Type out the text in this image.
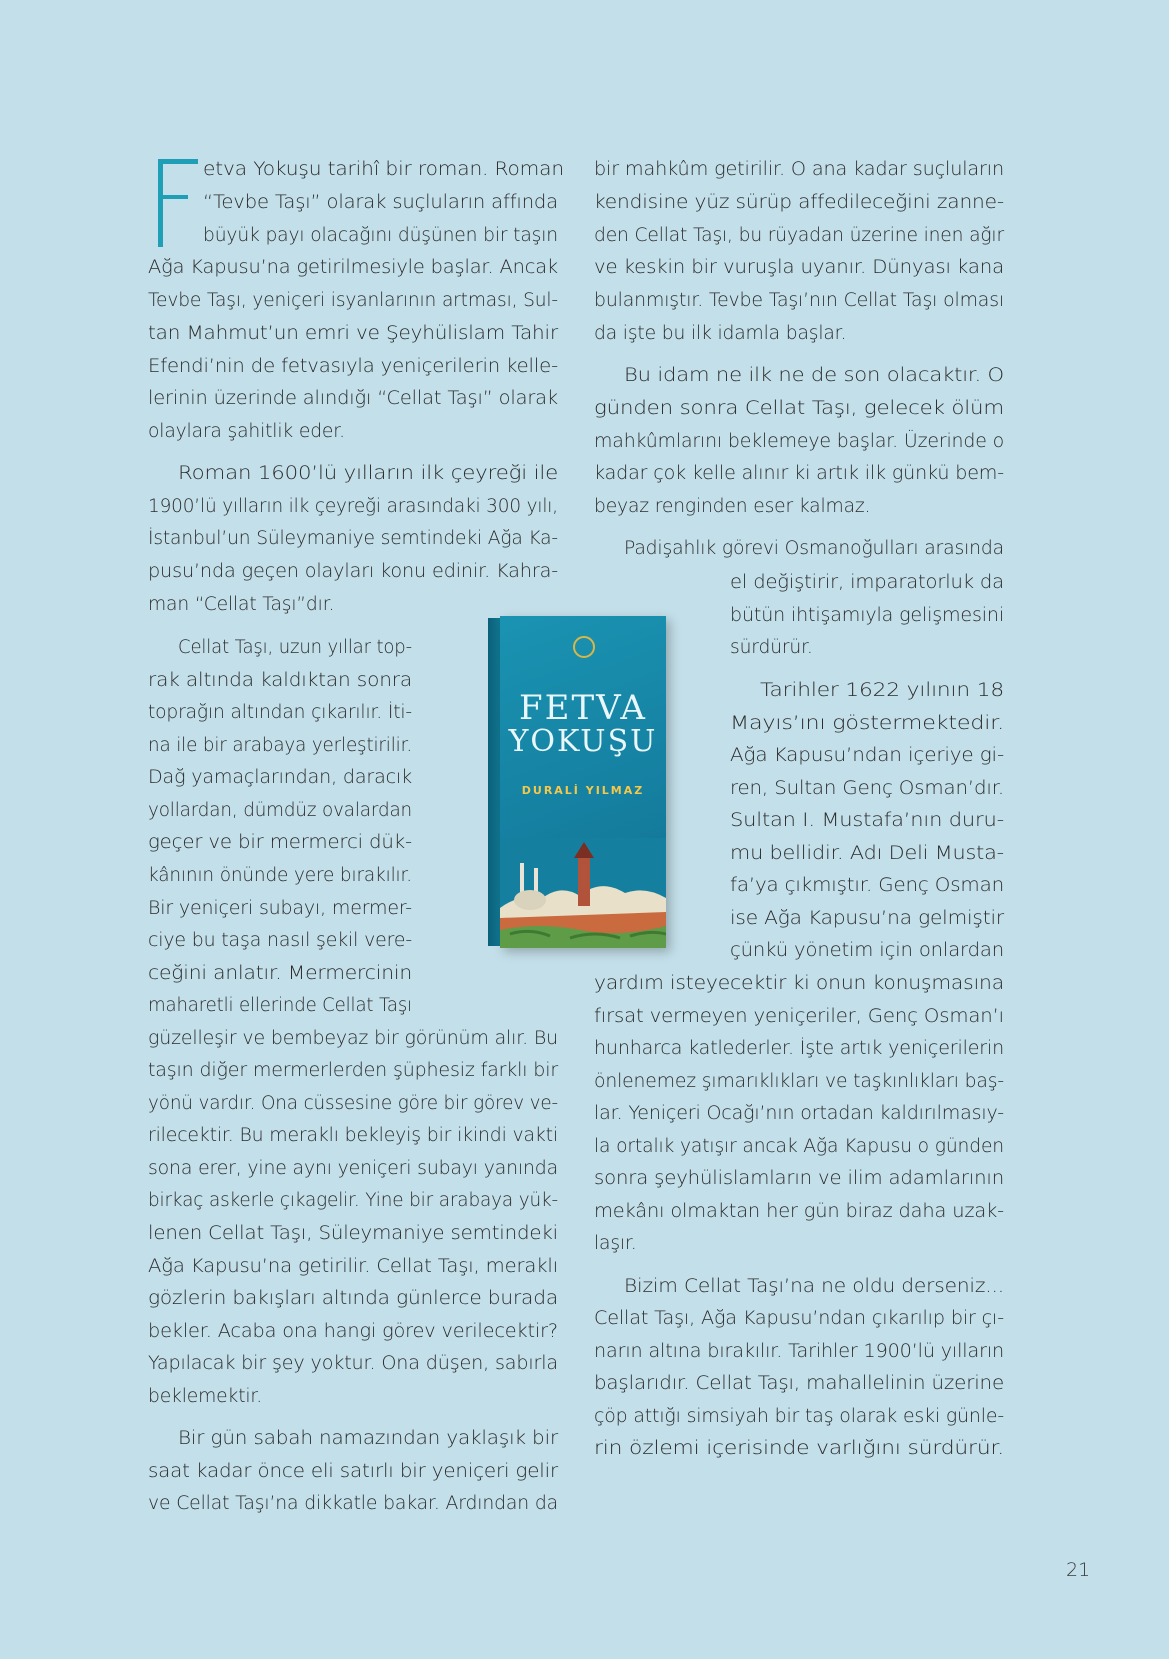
etva Yokuşu tarihî bir roman. Roman
“Tevbe Taşı” olarak suçluların affında
büyük payı olacağını düşünen bir taşın
Ağa Kapusu’na getirilmesiyle başlar. Ancak
Tevbe Taşı, yeniçeri isyanlarının artması, Sul-
tan Mahmut’un emri ve Şeyhülislam Tahir
Efendi’nin de fetvasıyla yeniçerilerin kelle-
lerinin üzerinde alındığı “Cellat Taşı” olarak
olaylara şahitlik eder.
Roman 1600’lü yılların ilk çeyreği ile
1900’lü yılların ilk çeyreği arasındaki 300 yılı,
İstanbul’un Süleymaniye semtindeki Ağa Ka-
pusu’nda geçen olayları konu edinir. Kahra-
man “Cellat Taşı”dır.
Cellat Taşı, uzun yıllar top-
rak altında kaldıktan sonra
toprağın altından çıkarılır. İti-
na ile bir arabaya yerleştirilir.
Dağ yamaçlarından, daracık
yollardan, dümdüz ovalardan
geçer ve bir mermerci dük-
kânının önünde yere bırakılır.
Bir yeniçeri subayı, mermer-
ciye bu taşa nasıl şekil vere-
ceğini anlatır. Mermercinin
maharetli ellerinde Cellat Taşı
güzelleşir ve bembeyaz bir görünüm alır. Bu
taşın diğer mermerlerden şüphesiz farklı bir
yönü vardır. Ona cüssesine göre bir görev ve-
rilecektir. Bu meraklı bekleyiş bir ikindi vakti
sona erer, yine aynı yeniçeri subayı yanında
birkaç askerle çıkagelir. Yine bir arabaya yük-
lenen Cellat Taşı, Süleymaniye semtindeki
Ağa Kapusu’na getirilir. Cellat Taşı, meraklı
gözlerin bakışları altında günlerce burada
bekler. Acaba ona hangi görev verilecektir?
Yapılacak bir şey yoktur. Ona düşen, sabırla
beklemektir.
Bir gün sabah namazından yaklaşık bir
saat kadar önce eli satırlı bir yeniçeri gelir
ve Cellat Taşı’na dikkatle bakar. Ardından da
bir mahkûm getirilir. O ana kadar suçluların
kendisine yüz sürüp affedileceğini zanne-
den Cellat Taşı, bu rüyadan üzerine inen ağır
ve keskin bir vuruşla uyanır. Dünyası kana
bulanmıştır. Tevbe Taşı’nın Cellat Taşı olması
da işte bu ilk idamla başlar.
Bu idam ne ilk ne de son olacaktır. O
günden sonra Cellat Taşı, gelecek ölüm
mahkûmlarını beklemeye başlar. Üzerinde o
kadar çok kelle alınır ki artık ilk günkü bem-
beyaz renginden eser kalmaz.
Padişahlık görevi Osmanoğulları arasında
el değiştirir, imparatorluk da
bütün ihtişamıyla gelişmesini
sürdürür.
Tarihler 1622 yılının 18
Mayıs’ını göstermektedir.
Ağa Kapusu’ndan içeriye gi-
ren, Sultan Genç Osman’dır.
Sultan I. Mustafa’nın duru-
mu bellidir. Adı Deli Musta-
fa’ya çıkmıştır. Genç Osman
ise Ağa Kapusu’na gelmiştir
çünkü yönetim için onlardan
yardım isteyecektir ki onun konuşmasına
fırsat vermeyen yeniçeriler, Genç Osman’ı
hunharca katlederler. İşte artık yeniçerilerin
önlenemez şımarıklıkları ve taşkınlıkları baş-
lar. Yeniçeri Ocağı’nın ortadan kaldırılmasıy-
la ortalık yatışır ancak Ağa Kapusu o günden
sonra şeyhülislamların ve ilim adamlarının
mekânı olmaktan her gün biraz daha uzak-
laşır.
Bizim Cellat Taşı’na ne oldu derseniz...
Cellat Taşı, Ağa Kapusu’ndan çıkarılıp bir çı-
narın altına bırakılır. Tarihler 1900’lü yılların
başlarıdır. Cellat Taşı, mahallelinin üzerine
çöp attığı simsiyah bir taş olarak eski günle-
rin özlemi içerisinde varlığını sürdürür.
FETVA
YOKUŞU
DURALİ YILMAZ
21
